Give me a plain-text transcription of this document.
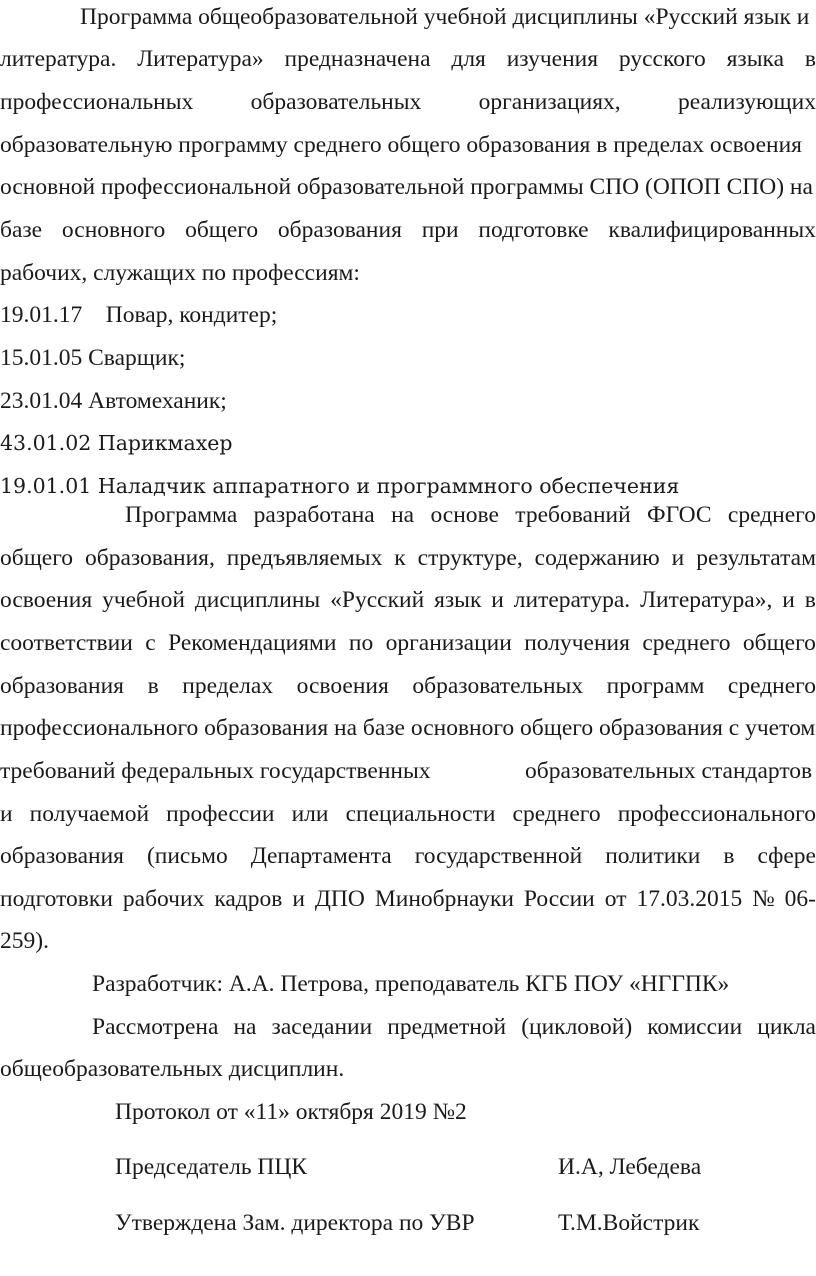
Программа общеобразовательной учебной дисциплины «Русский язык и
литература. Литература» предназначена для изучения русского языка в
профессиональных образовательных организациях, реализующих
образовательную программу среднего общего образования в пределах освоения
основной профессиональной образовательной программы СПО (ОПОП СПО) на
базе основного общего образования при подготовке квалифицированных
рабочих, служащих по профессиям:
19.01.17 Повар, кондитер;
15.01.05 Сварщик;
23.01.04 Автомеханик;
43.01.02 Парикмахер
19.01.01 Наладчик аппаратного и программного обеспечения
Программа разработана на основе требований ФГОС среднего
общего образования, предъявляемых к структуре, содержанию и результатам
освоения учебной дисциплины «Русский язык и литература. Литература», и в
соответствии с Рекомендациями по организации получения среднего общего
образования в пределах освоения образовательных программ среднего
профессионального образования на базе основного общего образования с учетом
требований федеральных государственных	образовательных стандартов
и получаемой профессии или специальности среднего профессионального
образования (письмо Департамента государственной политики в сфере
подготовки рабочих кадров и ДПО Минобрнауки России от 17.03.2015 № 06-
259).
Разработчик: А.А. Петрова, преподаватель КГБ ПОУ «НГГПК»
Рассмотрена на заседании предметной (цикловой) комиссии цикла
общеобразовательных дисциплин.
Протокол от «11» октября 2019 №2
Председатель ПЦК	И.А, Лебедева
Утверждена Зам. директора по УВР	Т.М.Войстрик
